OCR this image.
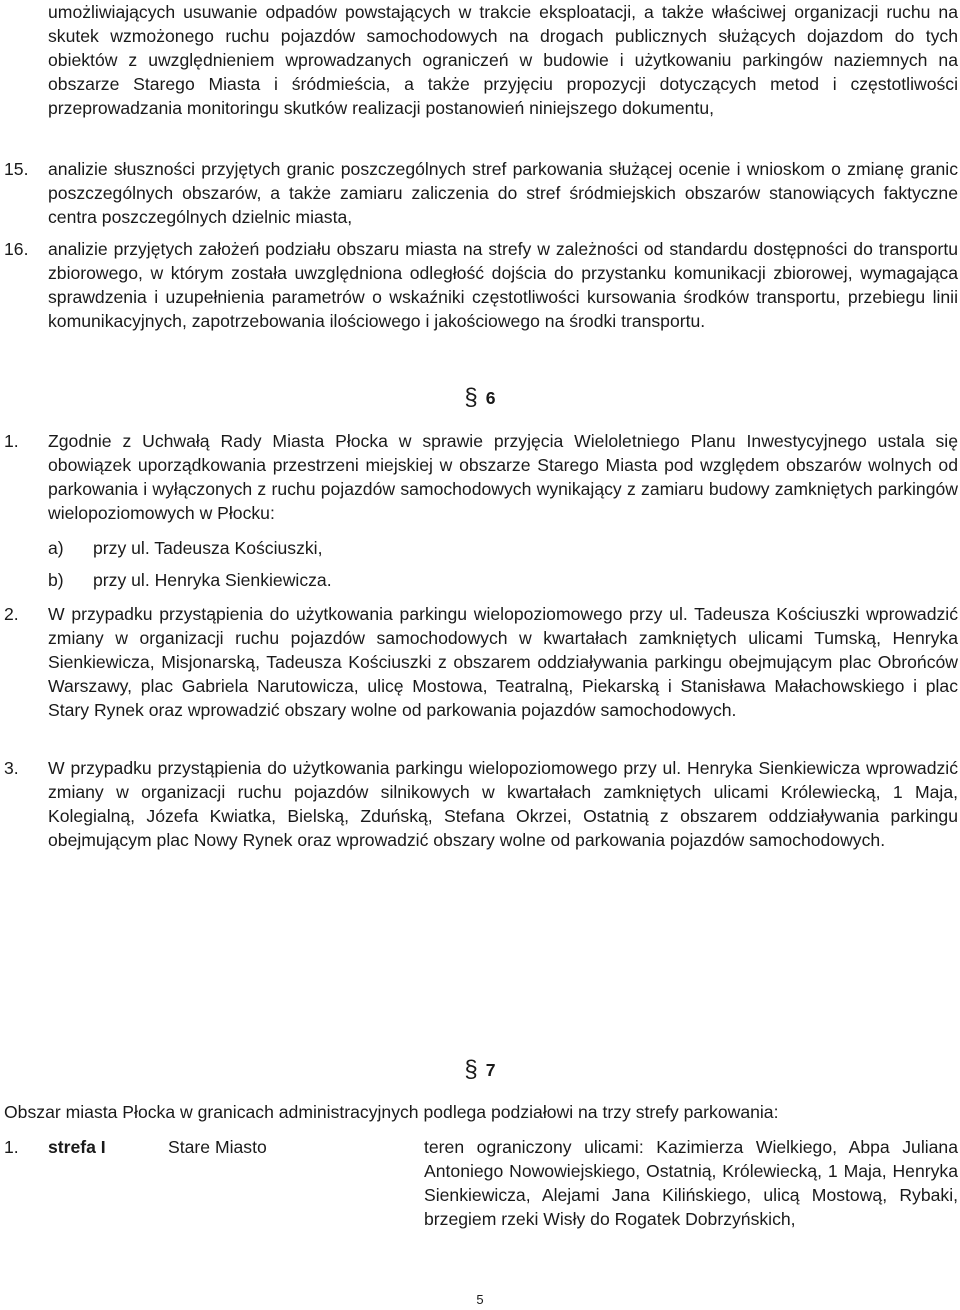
umożliwiających usuwanie odpadów powstających w trakcie eksploatacji, a także właściwej organizacji ruchu na skutek wzmożonego ruchu pojazdów samochodowych na drogach publicznych służących dojazdom do tych obiektów z uwzględnieniem wprowadzanych ograniczeń w budowie i użytkowaniu parkingów naziemnych na obszarze Starego Miasta i śródmieścia, a także przyjęciu propozycji dotyczących metod i częstotliwości przeprowadzania monitoringu skutków realizacji postanowień niniejszego dokumentu,
15. analizie słuszności przyjętych granic poszczególnych stref parkowania służącej ocenie i wnioskom o zmianę granic poszczególnych obszarów, a także zamiaru zaliczenia do stref śródmiejskich obszarów stanowiących faktyczne centra poszczególnych dzielnic miasta,
16. analizie przyjętych założeń podziału obszaru miasta na strefy w zależności od standardu dostępności do transportu zbiorowego, w którym została uwzględniona odległość dojścia do przystanku komunikacji zbiorowej, wymagająca sprawdzenia i uzupełnienia parametrów o wskaźniki częstotliwości kursowania środków transportu, przebiegu linii komunikacyjnych, zapotrzebowania ilościowego i jakościowego na środki transportu.
§ 6
1. Zgodnie z Uchwałą Rady Miasta Płocka w sprawie przyjęcia Wieloletniego Planu Inwestycyjnego ustala się obowiązek uporządkowania przestrzeni miejskiej w obszarze Starego Miasta pod względem obszarów wolnych od parkowania i wyłączonych z ruchu pojazdów samochodowych wynikający z zamiaru budowy zamkniętych parkingów wielopoziomowych w Płocku:
a) przy ul. Tadeusza Kościuszki,
b) przy ul. Henryka Sienkiewicza.
2. W przypadku przystąpienia do użytkowania parkingu wielopoziomowego przy ul. Tadeusza Kościuszki wprowadzić zmiany w organizacji ruchu pojazdów samochodowych w kwartałach zamkniętych ulicami Tumską, Henryka Sienkiewicza, Misjonarską, Tadeusza Kościuszki z obszarem oddziaływania parkingu obejmującym plac Obrońców Warszawy, plac Gabriela Narutowicza, ulicę Mostowa, Teatralną, Piekarską i Stanisława Małachowskiego i plac Stary Rynek oraz wprowadzić obszary wolne od parkowania pojazdów samochodowych.
3. W przypadku przystąpienia do użytkowania parkingu wielopoziomowego przy ul. Henryka Sienkiewicza wprowadzić zmiany w organizacji ruchu pojazdów silnikowych w kwartałach zamkniętych ulicami Królewiecką, 1 Maja, Kolegialną, Józefa Kwiatka, Bielską, Zduńską, Stefana Okrzei, Ostatnią z obszarem oddziaływania parkingu obejmującym plac Nowy Rynek oraz wprowadzić obszary wolne od parkowania pojazdów samochodowych.
§ 7
Obszar miasta Płocka w granicach administracyjnych podlega podziałowi na trzy strefy parkowania:
1. strefa I	Stare Miasto	teren ograniczony ulicami: Kazimierza Wielkiego, Abpa Juliana Antoniego Nowowiejskiego, Ostatnią, Królewiecką, 1 Maja, Henryka Sienkiewicza, Alejami Jana Kilińskiego, ulicą Mostową, Rybaki, brzegiem rzeki Wisły do Rogatek Dobrzyńskich,
5
